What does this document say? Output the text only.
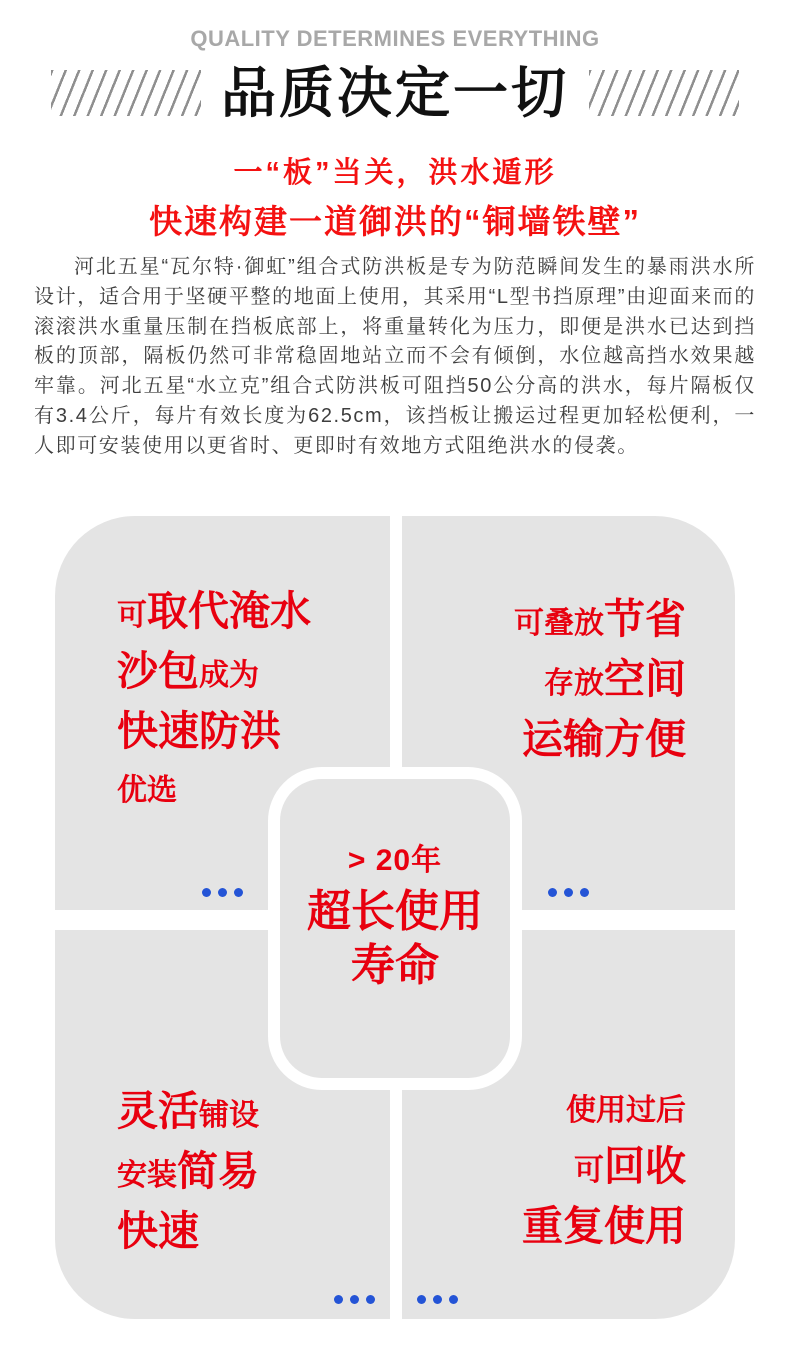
QUALITY DETERMINES EVERYTHING
品质决定一切
一“板”当关，洪水遁形
快速构建一道御洪的“铜墙铁壁”

河北五星“瓦尔特·御虹”组合式防洪板是专为防范瞬间发生的暴雨洪水所设计，适合用于坚硬平整的地面上使用，其采用“L型书挡原理”由迎面来而的滚滚洪水重量压制在挡板底部上，将重量转化为压力，即便是洪水已达到挡板的顶部，隔板仍然可非常稳固地站立而不会有倾倒，水位越高挡水效果越牢靠。河北五星“水立克”组合式防洪板可阻挡50公分高的洪水，每片隔板仅有3.4公斤，每片有效长度为62.5cm，该挡板让搬运过程更加轻松便利，一人即可安装使用以更省时、更即时有效地方式阻绝洪水的侵袭。

可取代淹水
沙包成为
快速防洪
优选
可叠放节省
存放空间
运输方便
灵活铺设
安装简易
快速
使用过后
可回收
重复使用
> 20年
超长使用
寿命
